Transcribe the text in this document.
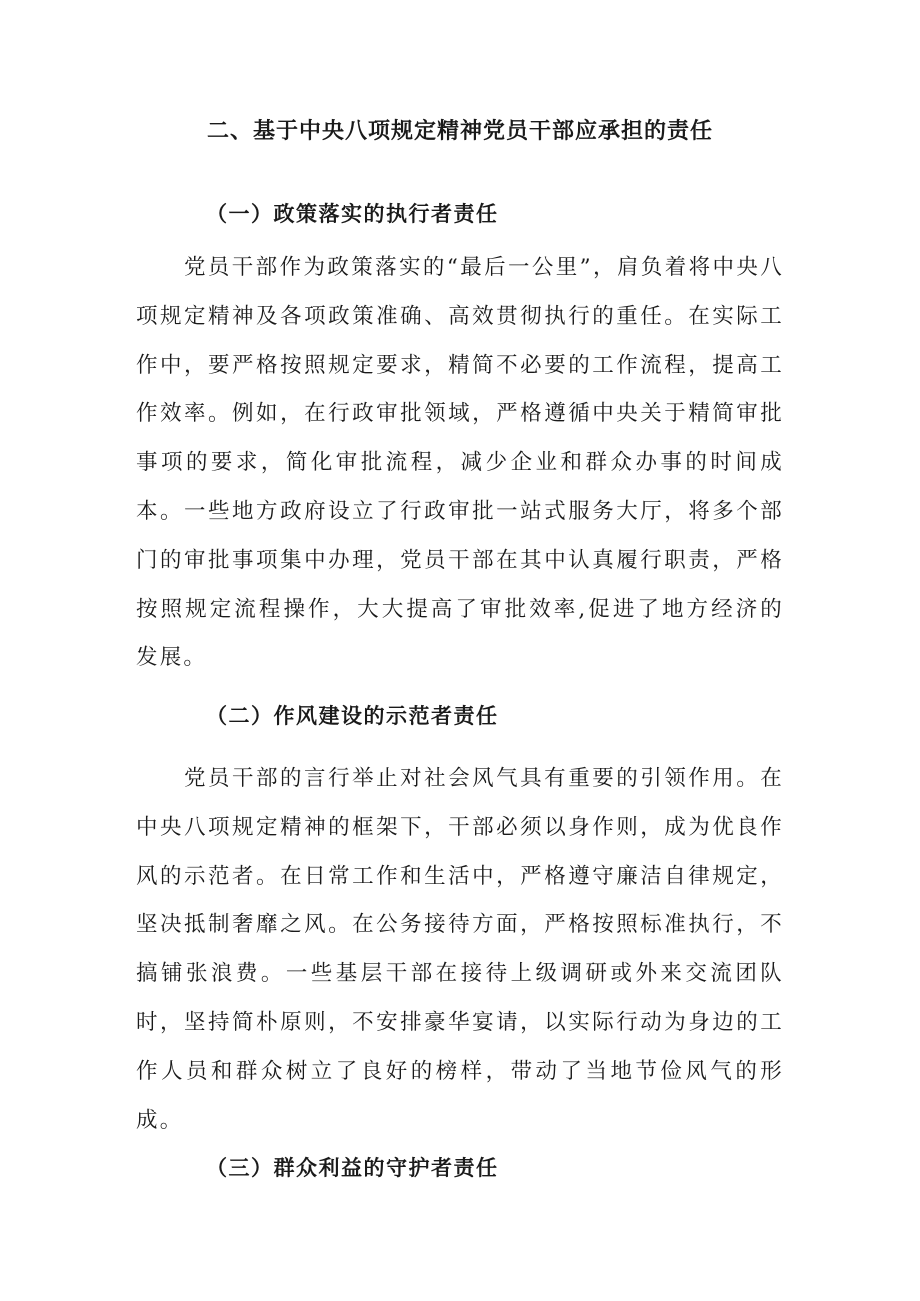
二、基于中央八项规定精神党员干部应承担的责任
（一）政策落实的执行者责任

党员干部作为政策落实的“最后一公里”，肩负着将中央八项规定精神及各项政策准确、高效贯彻执行的重任。在实际工作中，要严格按照规定要求，精简不必要的工作流程，提高工作效率。例如，在行政审批领域，严格遵循中央关于精简审批事项的要求，简化审批流程，减少企业和群众办事的时间成本。一些地方政府设立了行政审批一站式服务大厅，将多个部门的审批事项集中办理，党员干部在其中认真履行职责，严格按照规定流程操作，大大提高了审批效率,促进了地方经济的发展。

（二）作风建设的示范者责任

党员干部的言行举止对社会风气具有重要的引领作用。在中央八项规定精神的框架下，干部必须以身作则，成为优良作风的示范者。在日常工作和生活中，严格遵守廉洁自律规定，坚决抵制奢靡之风。在公务接待方面，严格按照标准执行，不搞铺张浪费。一些基层干部在接待上级调研或外来交流团队时，坚持简朴原则，不安排豪华宴请，以实际行动为身边的工作人员和群众树立了良好的榜样，带动了当地节俭风气的形成。

（三）群众利益的守护者责任
